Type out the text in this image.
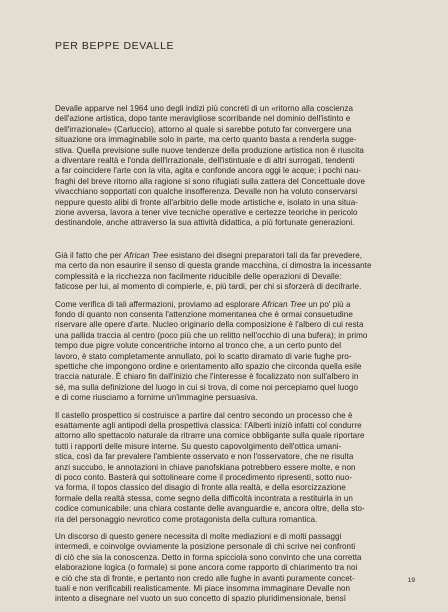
PER BEPPE DEVALLE

Devalle apparve nel 1964 uno degli indizi più concreti di un «ritorno alla coscienza
dell'azione artistica, dopo tante meravigliose scorribande nel dominio dell'istinto e
dell'irrazionale» (Carluccio), attorno al quale si sarebbe potuto far convergere una
situazione ora immaginabile solo in parte, ma certo quanto basta a renderla sugge-
stiva. Quella previsione sulle nuove tendenze della produzione artistica non è riuscita
a diventare realtà e l'onda dell'irrazionale, dell'istintuale e di altri surrogati, tendenti
a far coincidere l'arte con la vita, agita e confonde ancora oggi le acque; i pochi nau-
fraghi del breve ritorno alla ragione si sono rifugiati sulla zattera del Concettuale dove
vivacchiano sopportati con qualche insofferenza. Devalle non ha voluto conservarsi
neppure questo alibi di fronte all'arbitrio delle mode artistiche e, isolato in una situa-
zione avversa, lavora a tener vive tecniche operative e certezze teoriche in pericolo
destinandole, anche attraverso la sua attività didattica, a più fortunate generazioni.

Già il fatto che per African Tree esistano dei disegni preparatori tali da far prevedere,
ma certo da non esaurire il senso di questa grande macchina, ci dimostra la incessante
complessità e la ricchezza non facilmente riducibile delle operazioni di Devalle:
faticose per lui, al momento di compierle, e, più tardi, per chi si sforzerà di decifrarle.

Come verifica di tali affermazioni, proviamo ad esplorare African Tree un po' più a
fondo di quanto non consenta l'attenzione momentanea che è ormai consuetudine
riservare alle opere d'arte. Nucleo originario della composizione è l'albero di cui resta
una pallida traccia al centro (poco più che un relitto nell'occhio di una bufera); in primo
tempo due pigre volute concentriche intorno al tronco che, a un certo punto del
lavoro, è stato completamente annullato, poi lo scatto diramato di varie fughe pro-
spettiche che impongono ordine e orientamento allo spazio che circonda quella esile
traccia naturale. È chiaro fin dall'inizio che l'interesse è focalizzato non sull'albero in
sé, ma sulla definizione del luogo in cui si trova, di come noi percepiamo quel luogo
e di come riusciamo a fornirne un'immagine persuasiva.

Il castello prospettico si costruisce a partire dal centro secondo un processo che è
esattamente agli antipodi della prospettiva classica: l'Alberti iniziò infatti col condurre
attorno allo spettacolo naturale da ritrarre una cornice obbligante sulla quale riportare
tutti i rapporti delle misure interne. Su questo capovolgimento dell'ottica umani-
stica, così da far prevalere l'ambiente osservato e non l'osservatore, che ne risulta
anzi succubo, le annotazioni in chiave panofskiana potrebbero essere molte, e non
di poco conto. Basterà qui sottolineare come il procedimento ripresenti, sotto nuo-
va forma, il topos classico del disagio di fronte alla realtà, e della esorcizzazione
formale della realtà stessa, come segno della difficoltà incontrata a restituirla in un
codice comunicabile: una chiara costante delle avanguardie e, ancora oltre, della sto-
ria del personaggio nevrotico come protagonista della cultura romantica.

Un discorso di questo genere necessita di molte mediazioni e di molti passaggi
intermedi, e coinvolge ovviamente la posizione personale di chi scrive nei confronti
di ciò che sia la conoscenza. Detto in forma spicciola sono convinto che una corretta
elaborazione logica (o formale) si pone ancora come rapporto di chiarimento tra noi
e ciò che sta di fronte, e pertanto non credo alle fughe in avanti puramente concet-
tuali e non verificabili realisticamente. Mi piace insomma immaginare Devalle non
intento a disegnare nel vuoto un suo concetto di spazio pluridimensionale, bensì

19
